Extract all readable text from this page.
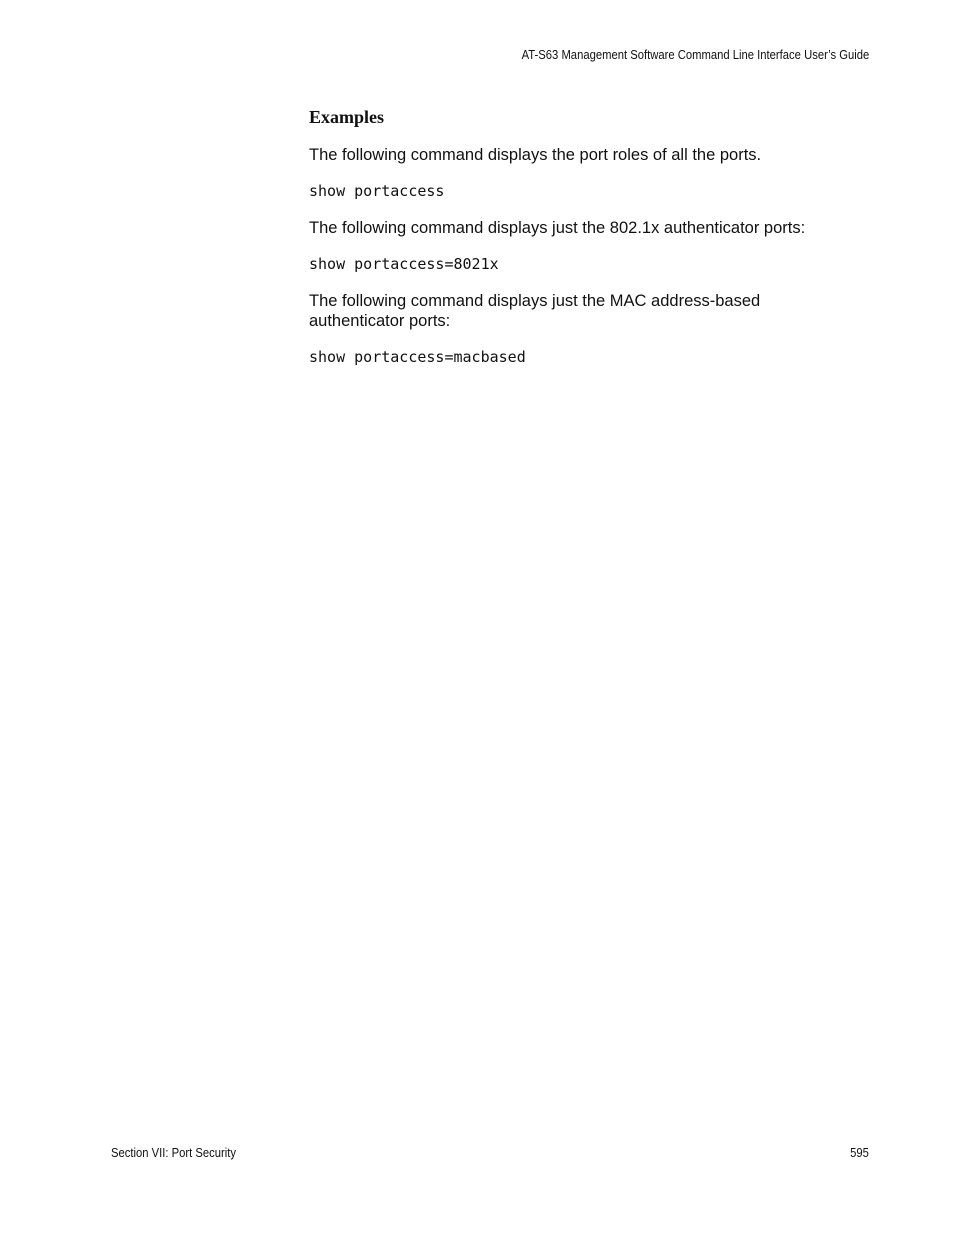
AT-S63 Management Software Command Line Interface User’s Guide
Examples

The following command displays the port roles of all the ports.

show portaccess

The following command displays just the 802.1x authenticator ports:

show portaccess=8021x

The following command displays just the MAC address-based authenticator ports:

show portaccess=macbased
Section VII: Port Security	595
